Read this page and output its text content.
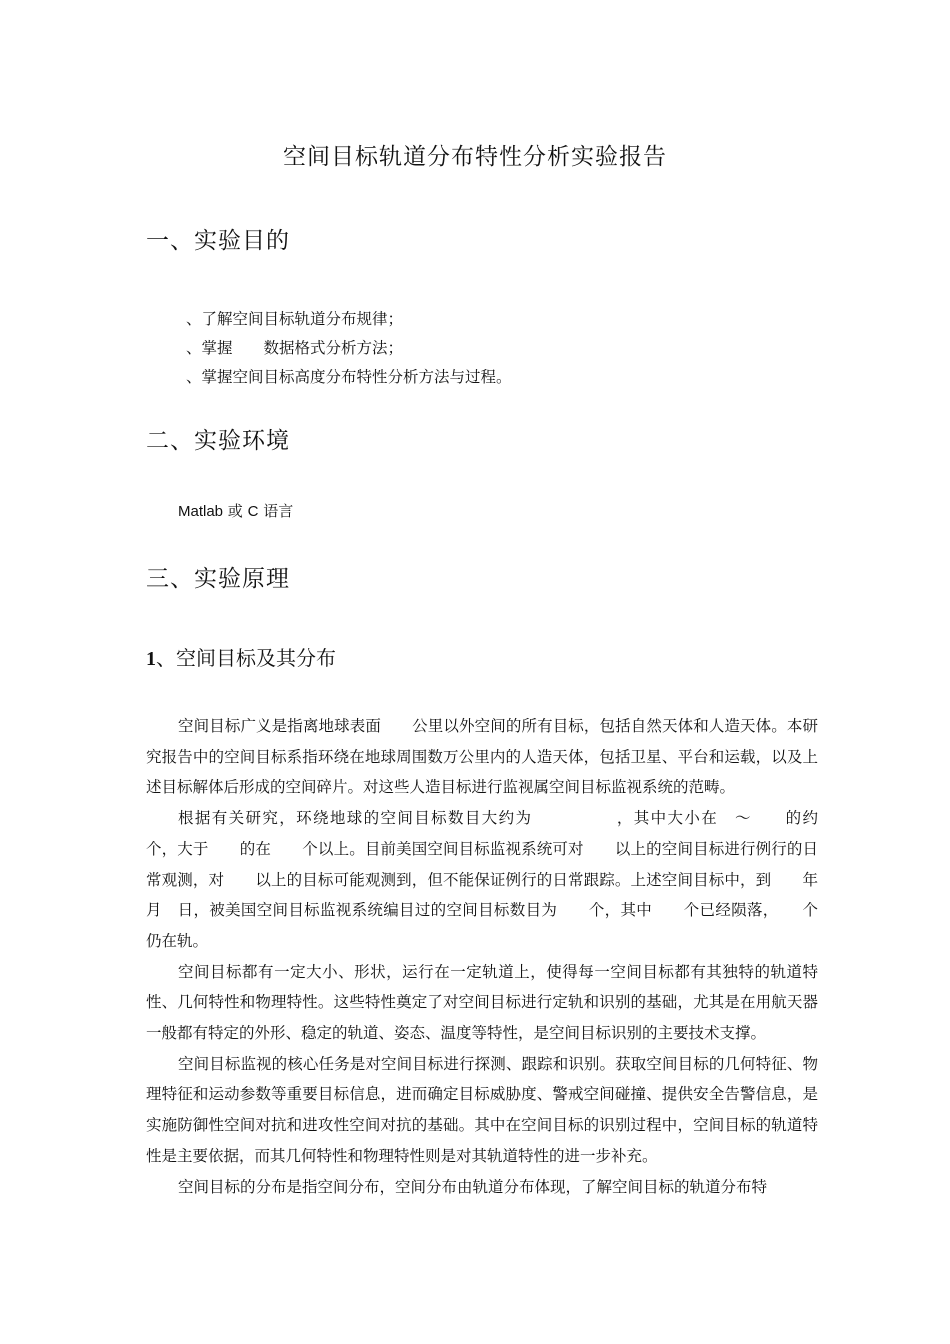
空间目标轨道分布特性分析实验报告
一、实验目的
、了解空间目标轨道分布规律；
、掌握　　数据格式分析方法；
、掌握空间目标高度分布特性分析方法与过程。
二、实验环境
Matlab 或 C 语言
三、实验原理
1、空间目标及其分布

空间目标广义是指离地球表面　　公里以外空间的所有目标，包括自然天体和人造天体。本研究报告中的空间目标系指环绕在地球周围数万公里内的人造天体，包括卫星、平台和运载，以及上述目标解体后形成的空间碎片。对这些人造目标进行监视属空间目标监视系统的范畴。

根据有关研究，环绕地球的空间目标数目大约为　　　　　，其中大小在　～　　的约　　　个，大于　　的在　　个以上。目前美国空间目标监视系统可对　　以上的空间目标进行例行的日常观测，对　　以上的目标可能观测到，但不能保证例行的日常跟踪。上述空间目标中，到　　年　月　日，被美国空间目标监视系统编目过的空间目标数目为　　个，其中　　个已经陨落，　　个仍在轨。

空间目标都有一定大小、形状，运行在一定轨道上，使得每一空间目标都有其独特的轨道特性、几何特性和物理特性。这些特性奠定了对空间目标进行定轨和识别的基础，尤其是在用航天器一般都有特定的外形、稳定的轨道、姿态、温度等特性，是空间目标识别的主要技术支撑。

空间目标监视的核心任务是对空间目标进行探测、跟踪和识别。获取空间目标的几何特征、物理特征和运动参数等重要目标信息，进而确定目标威胁度、警戒空间碰撞、提供安全告警信息，是实施防御性空间对抗和进攻性空间对抗的基础。其中在空间目标的识别过程中，空间目标的轨道特性是主要依据，而其几何特性和物理特性则是对其轨道特性的进一步补充。

空间目标的分布是指空间分布，空间分布由轨道分布体现，了解空间目标的轨道分布特
